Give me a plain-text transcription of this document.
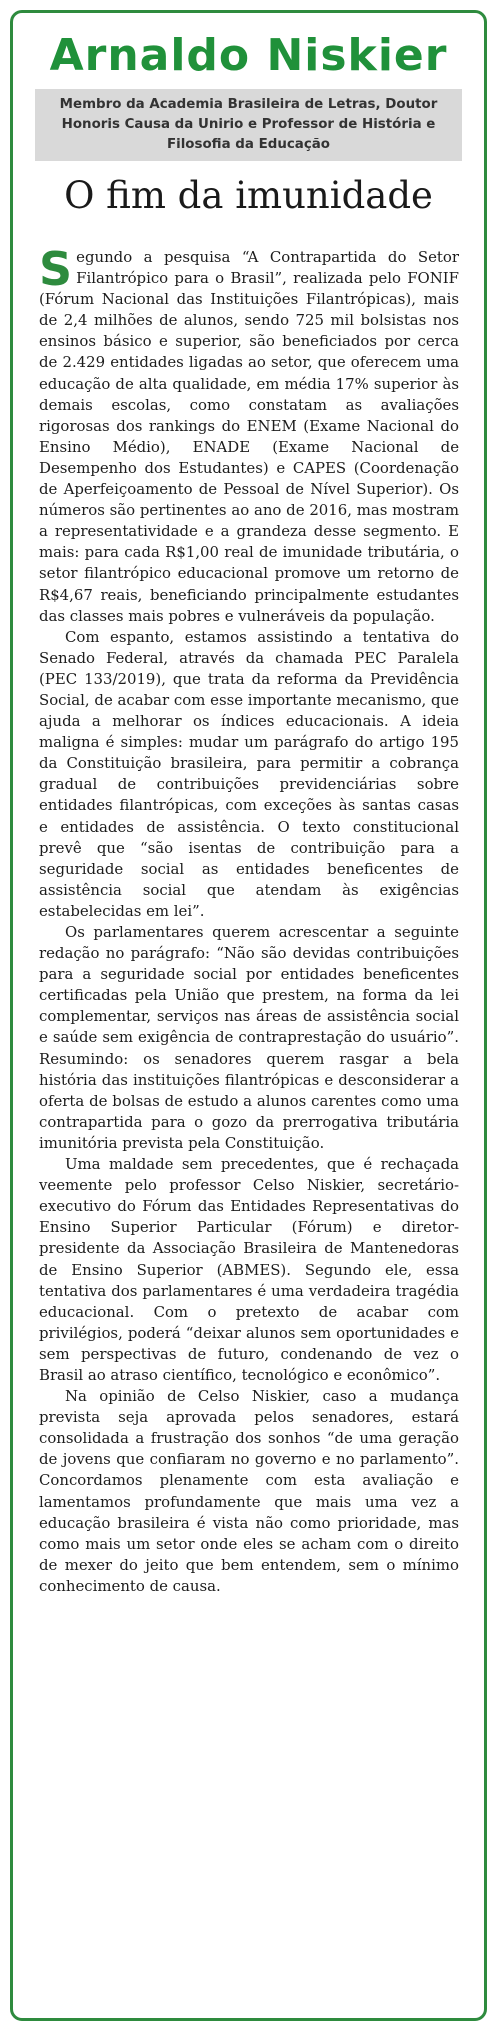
Arnaldo Niskier
Membro da Academia Brasileira de Letras, Doutor Honoris Causa da Unirio e Professor de História e Filosofia da Educação
O fim da imunidade

Segundo a pesquisa “A Contrapartida do Setor Filantrópico para o Brasil”, realizada pelo FONIF (Fórum Nacional das Instituições Filantrópicas), mais de 2,4 milhões de alunos, sendo 725 mil bolsistas nos ensinos básico e superior, são beneficiados por cerca de 2.429 entidades ligadas ao setor, que oferecem uma educação de alta qualidade, em média 17% superior às demais escolas, como constatam as avaliações rigorosas dos rankings do ENEM (Exame Nacional do Ensino Médio), ENADE (Exame Nacional de Desempenho dos Estudantes) e CAPES (Coordenação de Aperfeiçoamento de Pessoal de Nível Superior). Os números são pertinentes ao ano de 2016, mas mostram a representatividade e a grandeza desse segmento. E mais: para cada R$1,00 real de imunidade tributária, o setor filantrópico educacional promove um retorno de R$4,67 reais, beneficiando principalmente estudantes das classes mais pobres e vulneráveis da população.

Com espanto, estamos assistindo a tentativa do Senado Federal, através da chamada PEC Paralela (PEC 133/2019), que trata da reforma da Previdência Social, de acabar com esse importante mecanismo, que ajuda a melhorar os índices educacionais. A ideia maligna é simples: mudar um parágrafo do artigo 195 da Constituição brasileira, para permitir a cobrança gradual de contribuições previdenciárias sobre entidades filantrópicas, com exceções às santas casas e entidades de assistência. O texto constitucional prevê que “são isentas de contribuição para a seguridade social as entidades beneficentes de assistência social que atendam às exigências estabelecidas em lei”.

Os parlamentares querem acrescentar a seguinte redação no parágrafo: “Não são devidas contribuições para a seguridade social por entidades beneficentes certificadas pela União que prestem, na forma da lei complementar, serviços nas áreas de assistência social e saúde sem exigência de contraprestação do usuário”. Resumindo: os senadores querem rasgar a bela história das instituições filantrópicas e desconsiderar a oferta de bolsas de estudo a alunos carentes como uma contrapartida para o gozo da prerrogativa tributária imunitória prevista pela Constituição.

Uma maldade sem precedentes, que é rechaçada veemente pelo professor Celso Niskier, secretário-executivo do Fórum das Entidades Representativas do Ensino Superior Particular (Fórum) e diretor-presidente da Associação Brasileira de Mantenedoras de Ensino Superior (ABMES). Segundo ele, essa tentativa dos parlamentares é uma verdadeira tragédia educacional. Com o pretexto de acabar com privilégios, poderá “deixar alunos sem oportunidades e sem perspectivas de futuro, condenando de vez o Brasil ao atraso científico, tecnológico e econômico”.

Na opinião de Celso Niskier, caso a mudança prevista seja aprovada pelos senadores, estará consolidada a frustração dos sonhos “de uma geração de jovens que confiaram no governo e no parlamento”. Concordamos plenamente com esta avaliação e lamentamos profundamente que mais uma vez a educação brasileira é vista não como prioridade, mas como mais um setor onde eles se acham com o direito de mexer do jeito que bem entendem, sem o mínimo conhecimento de causa.
